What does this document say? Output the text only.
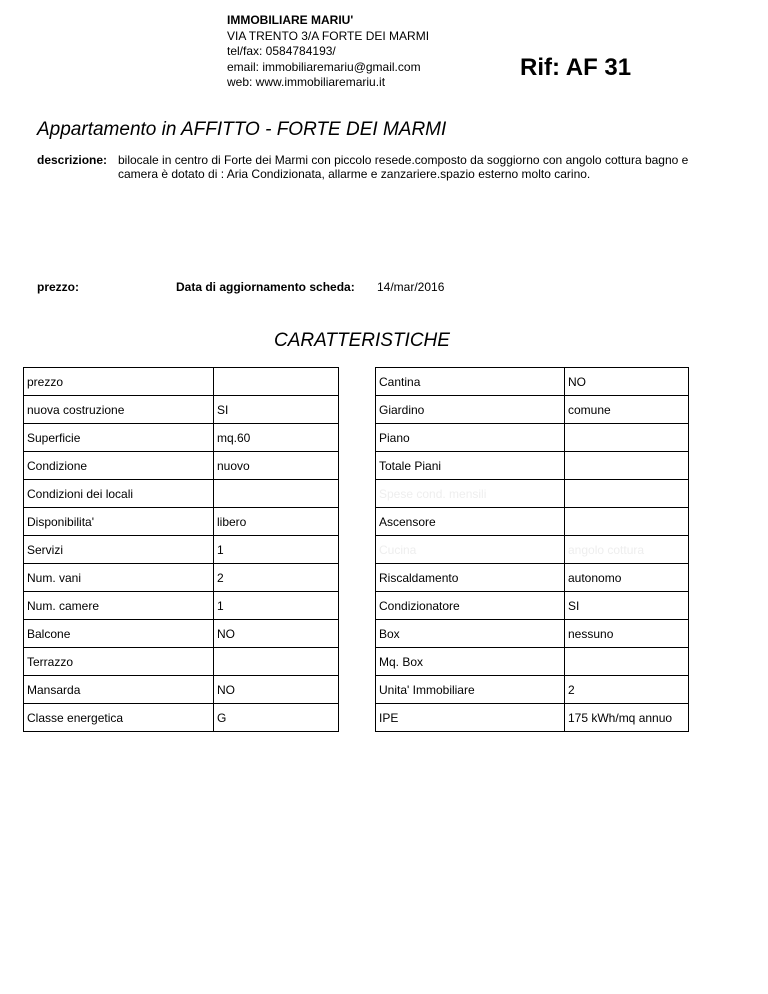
IMMOBILIARE MARIU'
VIA TRENTO 3/A FORTE DEI MARMI
tel/fax: 0584784193/
email: immobiliaremariu@gmail.com
web: www.immobiliaremariu.it
Rif: AF 31
Appartamento in AFFITTO - FORTE DEI MARMI
descrizione: bilocale in centro di Forte dei Marmi con piccolo resede.composto da soggiorno con angolo cottura bagno e camera è dotato di : Aria Condizionata, allarme e zanzariere.spazio esterno molto carino.
prezzo:	Data di aggiornamento scheda: 14/mar/2016
CARATTERISTICHE
prezzo	
nuova costruzione	SI
Superficie	mq.60
Condizione	nuovo
Condizioni dei locali	
Disponibilita'	libero
Servizi	1
Num. vani	2
Num. camere	1
Balcone	NO
Terrazzo	
Mansarda	NO
Classe energetica	G
Cantina	NO
Giardino	comune
Piano	
Totale Piani	
Spese cond. mensili	
Ascensore	
Cucina	angolo cottura
Riscaldamento	autonomo
Condizionatore	SI
Box	nessuno
Mq. Box	
Unita' Immobiliare	2
IPE	175 kWh/mq annuo
